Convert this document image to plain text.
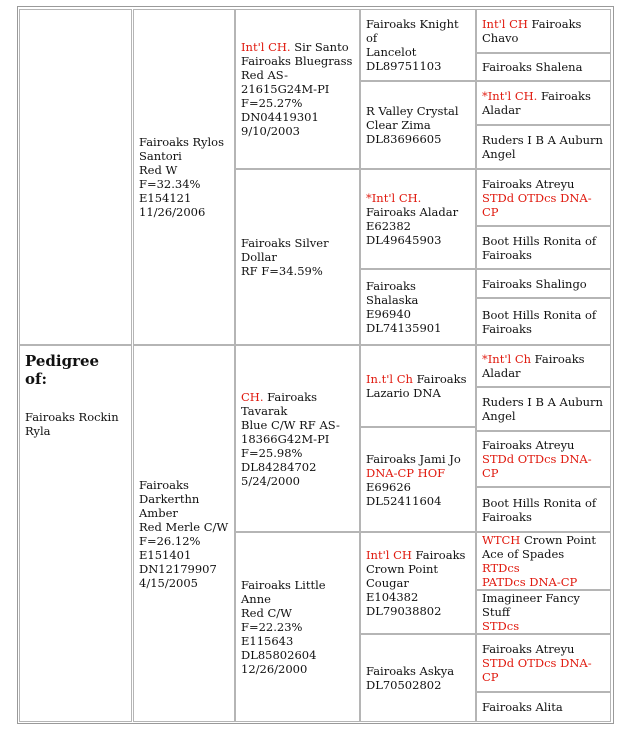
Pedigree of:
Fairoaks Rockin
Ryla
Fairoaks Rylos
Santori
Red W
F=32.34%
E154121
11/26/2006
Fairoaks
Darkerthn
Amber
Red Merle C/W
F=26.12%
E151401
DN12179907
4/15/2005
Int'l CH. Sir Santo
Fairoaks Bluegrass
Red AS-
21615G24M-PI
F=25.27%
DN04419301
9/10/2003
Fairoaks Silver
Dollar
RF F=34.59%
CH. Fairoaks
Tavarak
Blue C/W RF AS-
18366G42M-PI
F=25.98%
DL84284702
5/24/2000
Fairoaks Little Anne
Red C/W F=22.23%
E115643
DL85802604
12/26/2000
Fairoaks Knight of
Lancelot
DL89751103
R Valley Crystal
Clear Zima
DL83696605
*Int'l CH.
Fairoaks Aladar
E62382
DL49645903
Fairoaks Shalaska
E96940
DL74135901
In.t'l Ch Fairoaks
Lazario DNA
Fairoaks Jami Jo
DNA-CP HOF
E69626
DL52411604
Int'l CH Fairoaks
Crown Point
Cougar
E104382
DL79038802
Fairoaks Askya
DL70502802
Int'l CH Fairoaks
Chavo
Fairoaks Shalena
*Int'l CH. Fairoaks
Aladar
Ruders I B A Auburn
Angel
Fairoaks Atreyu
STDd OTDcs DNA-
CP
Boot Hills Ronita of
Fairoaks
Fairoaks Shalingo
Boot Hills Ronita of
Fairoaks
*Int'l Ch Fairoaks
Aladar
Ruders I B A Auburn
Angel
Fairoaks Atreyu
STDd OTDcs DNA-
CP
Boot Hills Ronita of
Fairoaks
WTCH Crown Point
Ace of Spades RTDcs
PATDcs DNA-CP
Imagineer Fancy Stuff
STDcs
Fairoaks Atreyu
STDd OTDcs DNA-
CP
Fairoaks Alita
